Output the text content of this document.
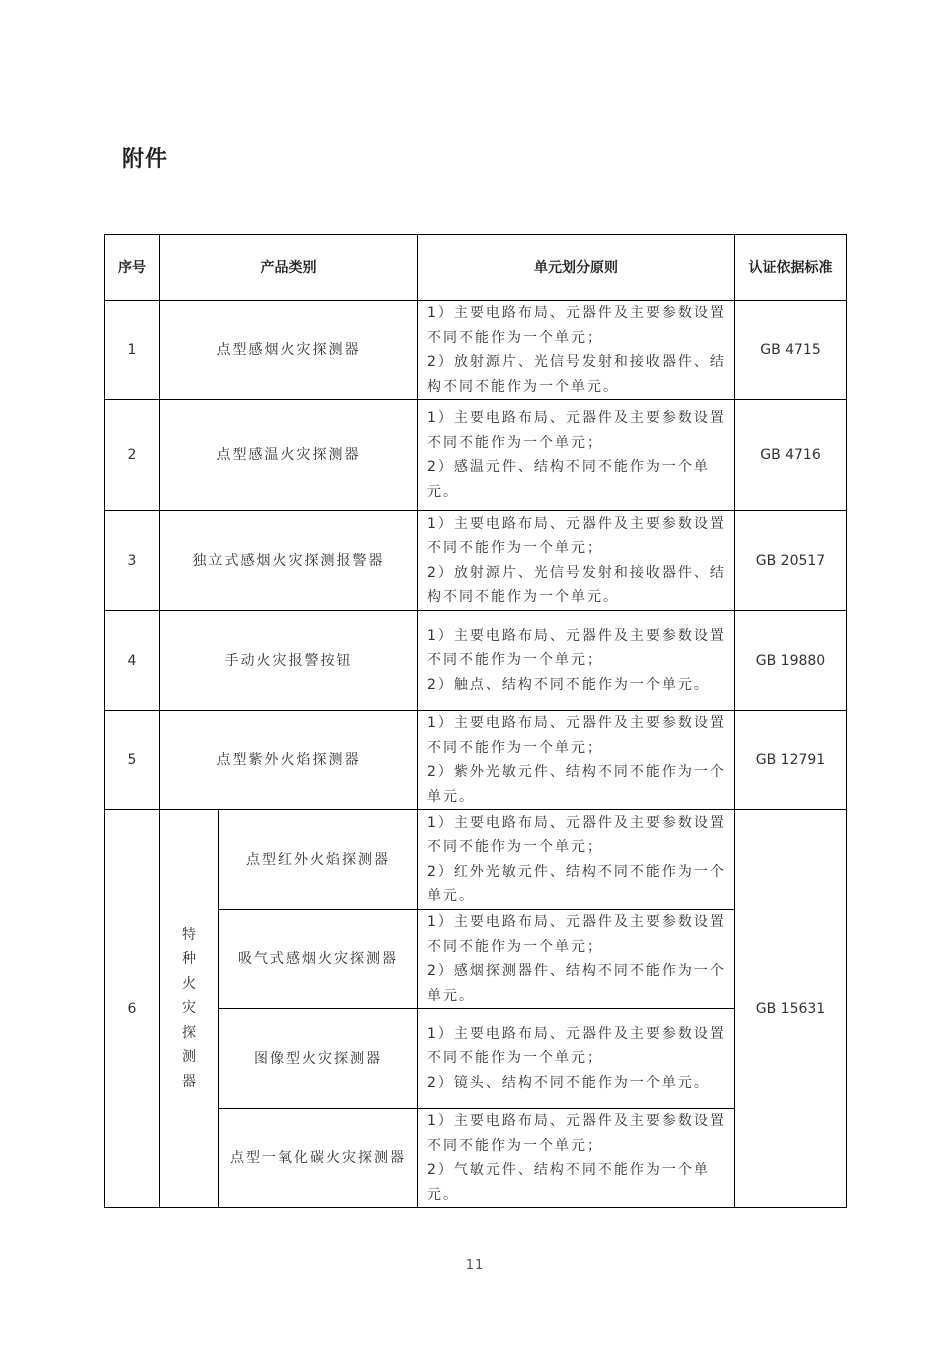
附件
序号	产品类别		单元划分原则	认证依据标准
1	点型感烟火灾探测器		1）主要电路布局、元器件及主要参数设置不同不能作为一个单元；
2）放射源片、光信号发射和接收器件、结构不同不能作为一个单元。	GB 4715
2	点型感温火灾探测器		1）主要电路布局、元器件及主要参数设置不同不能作为一个单元；
2）感温元件、结构不同不能作为一个单元。	GB 4716
3	独立式感烟火灾探测报警器		1）主要电路布局、元器件及主要参数设置不同不能作为一个单元；
2）放射源片、光信号发射和接收器件、结构不同不能作为一个单元。	GB 20517
4	手动火灾报警按钮		1）主要电路布局、元器件及主要参数设置不同不能作为一个单元；
2）触点、结构不同不能作为一个单元。	GB 19880
5	点型紫外火焰探测器		1）主要电路布局、元器件及主要参数设置不同不能作为一个单元；
2）紫外光敏元件、结构不同不能作为一个单元。	GB 12791
6	特种火灾探测器	点型红外火焰探测器	1）主要电路布局、元器件及主要参数设置不同不能作为一个单元；
2）红外光敏元件、结构不同不能作为一个单元。	GB 15631
		吸气式感烟火灾探测器	1）主要电路布局、元器件及主要参数设置不同不能作为一个单元；
2）感烟探测器件、结构不同不能作为一个单元。	

		图像型火灾探测器	1）主要电路布局、元器件及主要参数设置不同不能作为一个单元；
2）镜头、结构不同不能作为一个单元。	

		点型一氧化碳火灾探测器	1）主要电路布局、元器件及主要参数设置不同不能作为一个单元；
2）气敏元件、结构不同不能作为一个单元。	
11
